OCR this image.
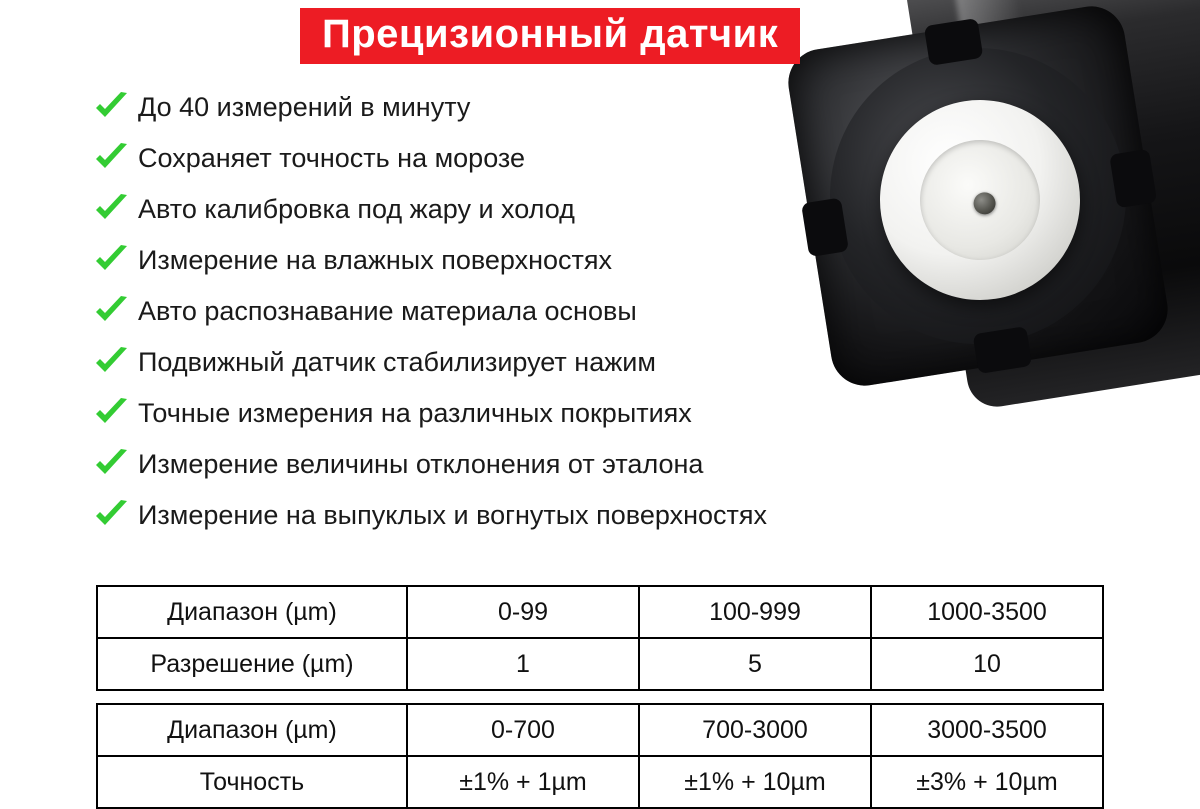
Прецизионный датчик
До 40 измерений в минуту
Сохраняет точность на морозе
Авто калибровка под жару и холод
Измерение на влажных поверхностях
Авто распознавание материала основы
Подвижный датчик стабилизирует нажим
Точные измерения на различных покрытиях
Измерение величины отклонения от эталона
Измерение на выпуклых и вогнутых поверхностях
Диапазон (µm)	0-99	100-999	1000-3500
Разрешение (µm)	1	5	10
Диапазон (µm)	0-700	700-3000	3000-3500
Точность	±1% + 1µm	±1% + 10µm	±3% + 10µm
